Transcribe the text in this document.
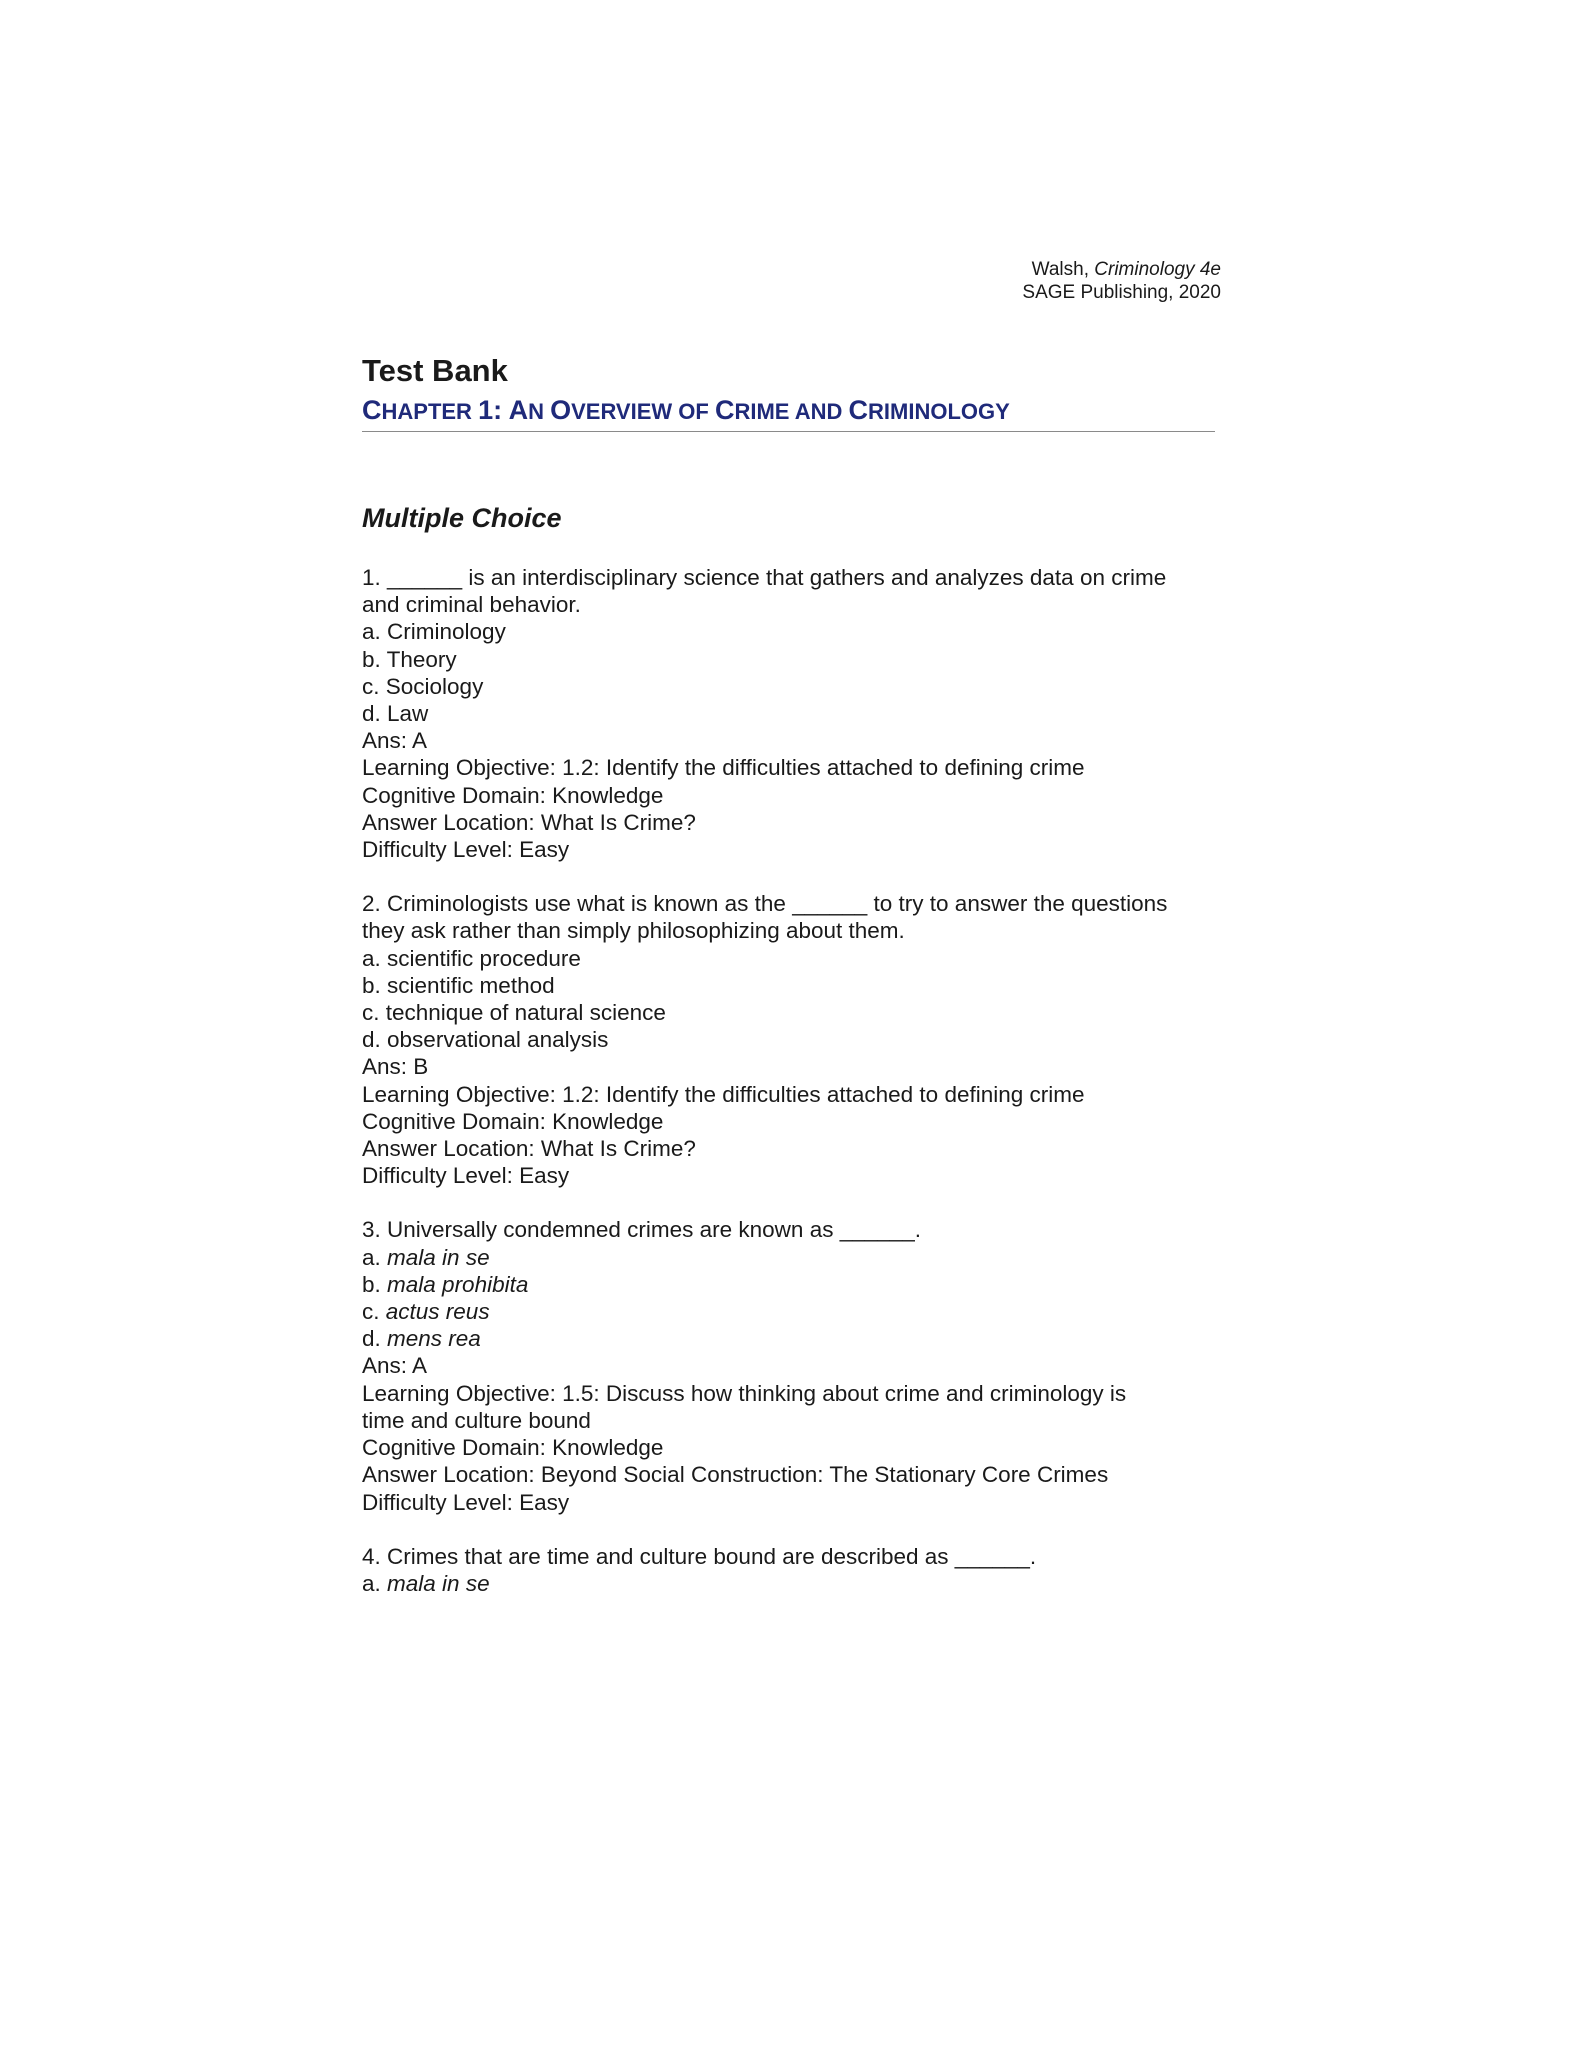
Walsh, Criminology 4e
SAGE Publishing, 2020
Test Bank
CHAPTER 1: AN OVERVIEW OF CRIME AND CRIMINOLOGY
Multiple Choice
1. ______ is an interdisciplinary science that gathers and analyzes data on crime
and criminal behavior.
a. Criminology
b. Theory
c. Sociology
d. Law
Ans: A
Learning Objective: 1.2: Identify the difficulties attached to defining crime
Cognitive Domain: Knowledge
Answer Location: What Is Crime?
Difficulty Level: Easy
2. Criminologists use what is known as the ______ to try to answer the questions
they ask rather than simply philosophizing about them.
a. scientific procedure
b. scientific method
c. technique of natural science
d. observational analysis
Ans: B
Learning Objective: 1.2: Identify the difficulties attached to defining crime
Cognitive Domain: Knowledge
Answer Location: What Is Crime?
Difficulty Level: Easy
3. Universally condemned crimes are known as ______.
a. mala in se
b. mala prohibita
c. actus reus
d. mens rea
Ans: A
Learning Objective: 1.5: Discuss how thinking about crime and criminology is
time and culture bound
Cognitive Domain: Knowledge
Answer Location: Beyond Social Construction: The Stationary Core Crimes
Difficulty Level: Easy
4. Crimes that are time and culture bound are described as ______.
a. mala in se
